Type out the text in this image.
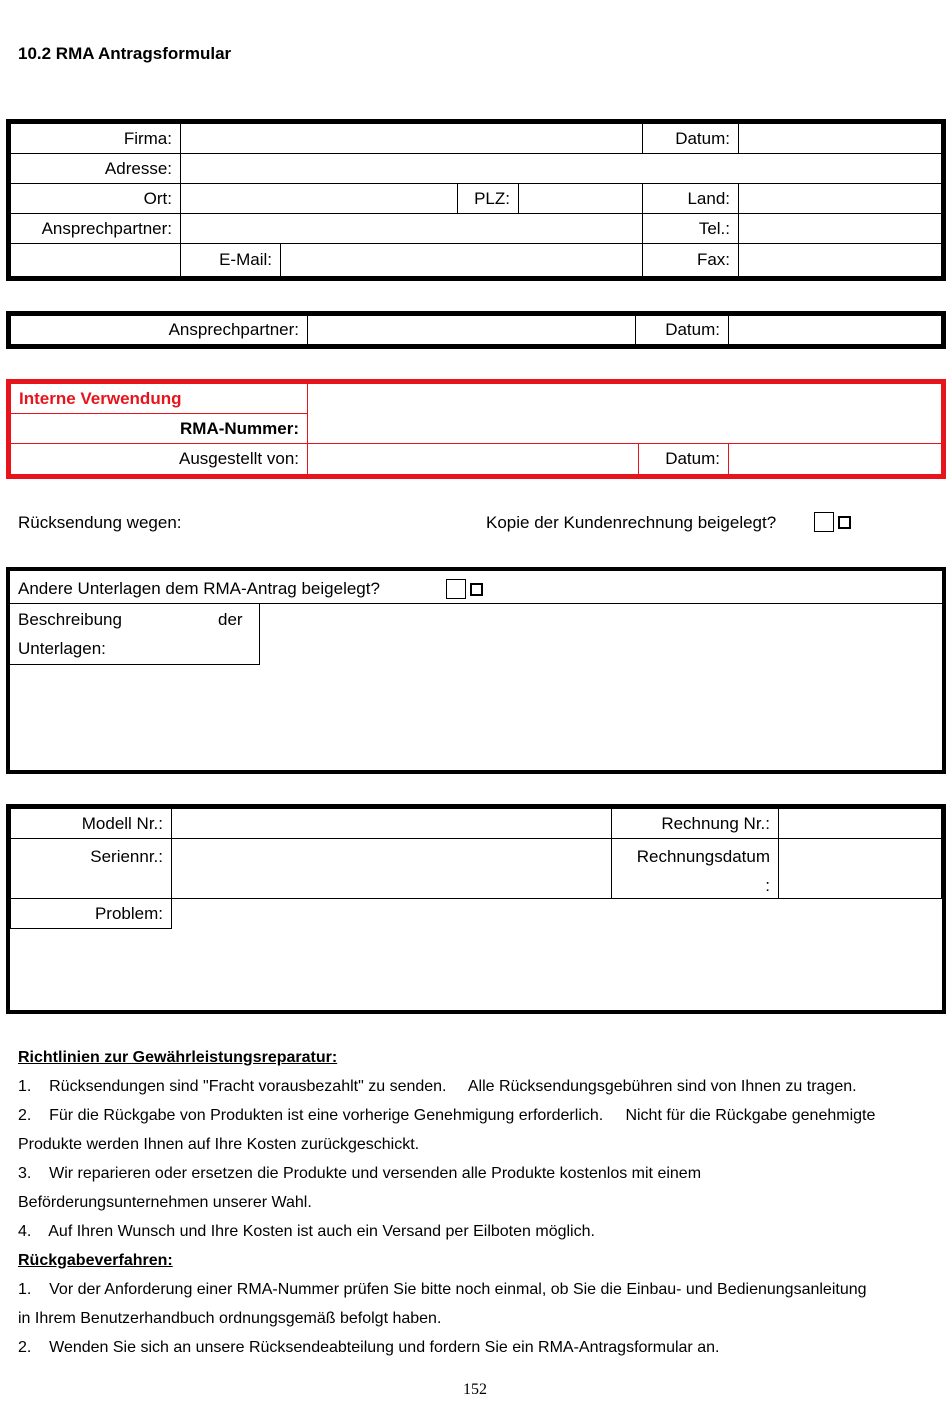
10.2 RMA Antragsformular
Firma:	Datum:
Adresse:
Ort:	PLZ:	Land:
Ansprechpartner:	Tel.:
E-Mail:	Fax:
Ansprechpartner:	Datum:
Interne Verwendung
RMA-Nummer:
Ausgestellt von:	Datum:
Rücksendung wegen:	Kopie der Kundenrechnung beigelegt?
Andere Unterlagen dem RMA-Antrag beigelegt?
Beschreibung	der
Unterlagen:
Modell Nr.:	Rechnung Nr.:
Seriennr.:	Rechnungsdatum
:
Problem:
Richtlinien zur Gewährleistungsreparatur:
1.    Rücksendungen sind "Fracht vorausbezahlt" zu senden.     Alle Rücksendungsgebühren sind von Ihnen zu tragen.
2.    Für die Rückgabe von Produkten ist eine vorherige Genehmigung erforderlich.     Nicht für die Rückgabe genehmigte
Produkte werden Ihnen auf Ihre Kosten zurückgeschickt.
3.    Wir reparieren oder ersetzen die Produkte und versenden alle Produkte kostenlos mit einem
Beförderungsunternehmen unserer Wahl.
4.    Auf Ihren Wunsch und Ihre Kosten ist auch ein Versand per Eilboten möglich.
Rückgabeverfahren:
1.    Vor der Anforderung einer RMA-Nummer prüfen Sie bitte noch einmal, ob Sie die Einbau- und Bedienungsanleitung
in Ihrem Benutzerhandbuch ordnungsgemäß befolgt haben.
2.    Wenden Sie sich an unsere Rücksendeabteilung und fordern Sie ein RMA-Antragsformular an.
152
